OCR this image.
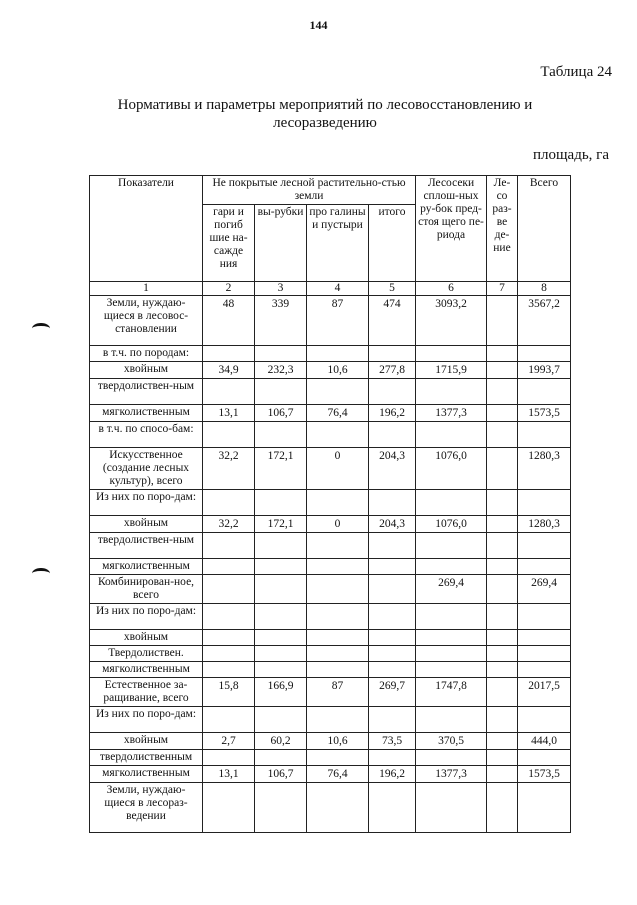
144
Таблица 24
Нормативы и параметры мероприятий по лесовосстановлению и лесоразведению
площадь, га
Показатели	Не покрытые лесной растительно-стью земли				Лесосеки сплош-ных ру-бок пред-стоя щего пе-риода	Ле-со раз-ве де-ние	Всего
	гари и погиб шие на-сажде ния	вы-рубки	про галины и пустыри	итого			
1	2	3	4	5	6	7	8
Земли, нуждаю-щиеся в лесовос-становлении	48	339	87	474	3093,2		3567,2
в т.ч. по породам:							
хвойным	34,9	232,3	10,6	277,8	1715,9		1993,7
твердолиствен-ным							
мягколиственным	13,1	106,7	76,4	196,2	1377,3		1573,5
в т.ч. по спосо-бам:							
Искусственное (создание лесных культур), всего	32,2	172,1	0	204,3	1076,0		1280,3
Из них по поро-дам:							
хвойным	32,2	172,1	0	204,3	1076,0		1280,3
твердолиствен-ным							
мягколиственным							
Комбинирован-ное, всего					269,4		269,4
Из них по поро-дам:							
хвойным							
Твердолиствен.							
мягколиственным							
Естественное за-ращивание, всего	15,8	166,9	87	269,7	1747,8		2017,5
Из них по поро-дам:							
хвойным	2,7	60,2	10,6	73,5	370,5		444,0
твердолиственным							
мягколиственным	13,1	106,7	76,4	196,2	1377,3		1573,5
Земли, нуждаю-щиеся в лесораз-ведении							
